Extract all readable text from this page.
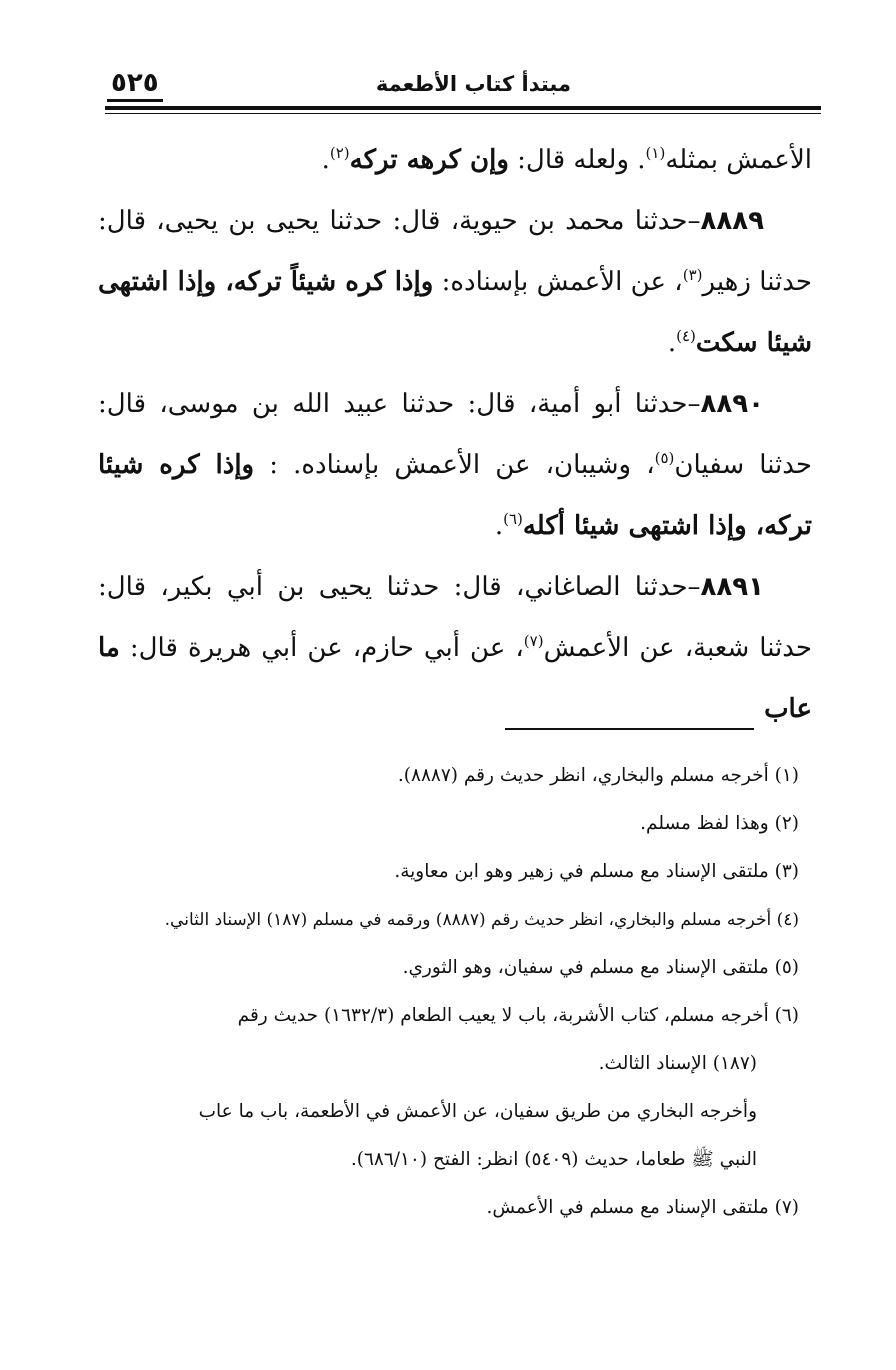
٥٢٥	مبتدأ كتاب الأطعمة

الأعمش بمثله$^{(١)}$. ولعله قال: وإن كرهه تركه$^{(٢)}$.

٨٨٨٩–حدثنا محمد بن حيوية، قال: حدثنا يحيى بن يحيى، قال: حدثنا زهير$^{(٣)}$، عن الأعمش بإسناده: وإذا كره شيئاً تركه، وإذا اشتهى شيئا سكت$^{(٤)}$.

٨٨٩٠–حدثنا أبو أمية، قال: حدثنا عبيد الله بن موسى، قال: حدثنا سفيان$^{(٥)}$، وشيبان، عن الأعمش بإسناده. : وإذا كره شيئا تركه، وإذا اشتهى شيئا أكله$^{(٦)}$.

٨٨٩١–حدثنا الصاغاني، قال: حدثنا يحيى بن أبي بكير، قال: حدثنا شعبة، عن الأعمش$^{(٧)}$، عن أبي حازم، عن أبي هريرة قال: ما عاب

(١) أخرجه مسلم والبخاري، انظر حديث رقم (٨٨٨٧).

(٢) وهذا لفظ مسلم.

(٣) ملتقى الإسناد مع مسلم في زهير وهو ابن معاوية.

(٤) أخرجه مسلم والبخاري، انظر حديث رقم (٨٨٨٧) ورقمه في مسلم (١٨٧) الإسناد الثاني.

(٥) ملتقى الإسناد مع مسلم في سفيان، وهو الثوري.

(٦) أخرجه مسلم، كتاب الأشربة، باب لا يعيب الطعام (١٦٣٢/٣) حديث رقم

(١٨٧) الإسناد الثالث.

وأخرجه البخاري من طريق سفيان، عن الأعمش في الأطعمة، باب ما عاب

النبي ﷺ طعاما، حديث (٥٤٠٩) انظر: الفتح (٦٨٦/١٠).

(٧) ملتقى الإسناد مع مسلم في الأعمش.
